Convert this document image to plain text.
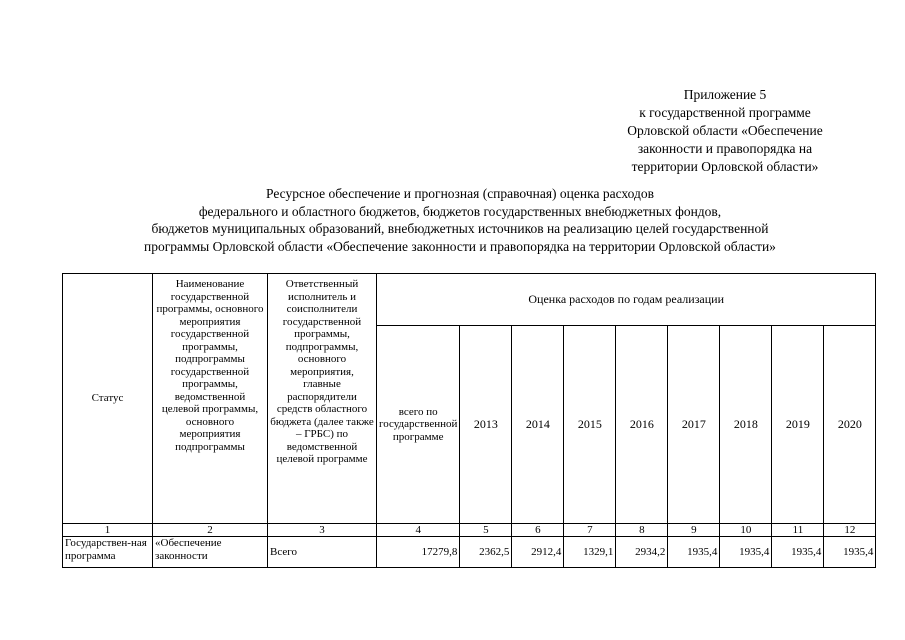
Приложение 5
к государственной программе
Орловской области «Обеспечение
законности и правопорядка на
территории Орловской области»
Ресурсное обеспечение и прогнозная (справочная) оценка расходов
федерального и областного бюджетов, бюджетов государственных внебюджетных фондов,
бюджетов муниципальных образований, внебюджетных источников на реализацию целей государственной
программы Орловской области «Обеспечение законности и правопорядка на территории Орловской области»
Статус	Наименование государственной программы, основного мероприятия государственной программы, подпрограммы государственной программы, ведомственной целевой программы, основного мероприятия подпрограммы	Ответственный исполнитель и соисполнители государственной программы, подпрограммы, основного мероприятия, главные распорядители средств областного бюджета (далее также – ГРБС) по ведомственной целевой программе	Оценка расходов по годам реализации								
			всего по государственной программе	2013	2014	2015	2016	2017	2018	2019	2020
1	2	3	4	5	6	7	8	9	10	11	12
Государствен-ная программа	«Обеспечение законности	Всего	17279,8	2362,5	2912,4	1329,1	2934,2	1935,4	1935,4	1935,4	1935,4
